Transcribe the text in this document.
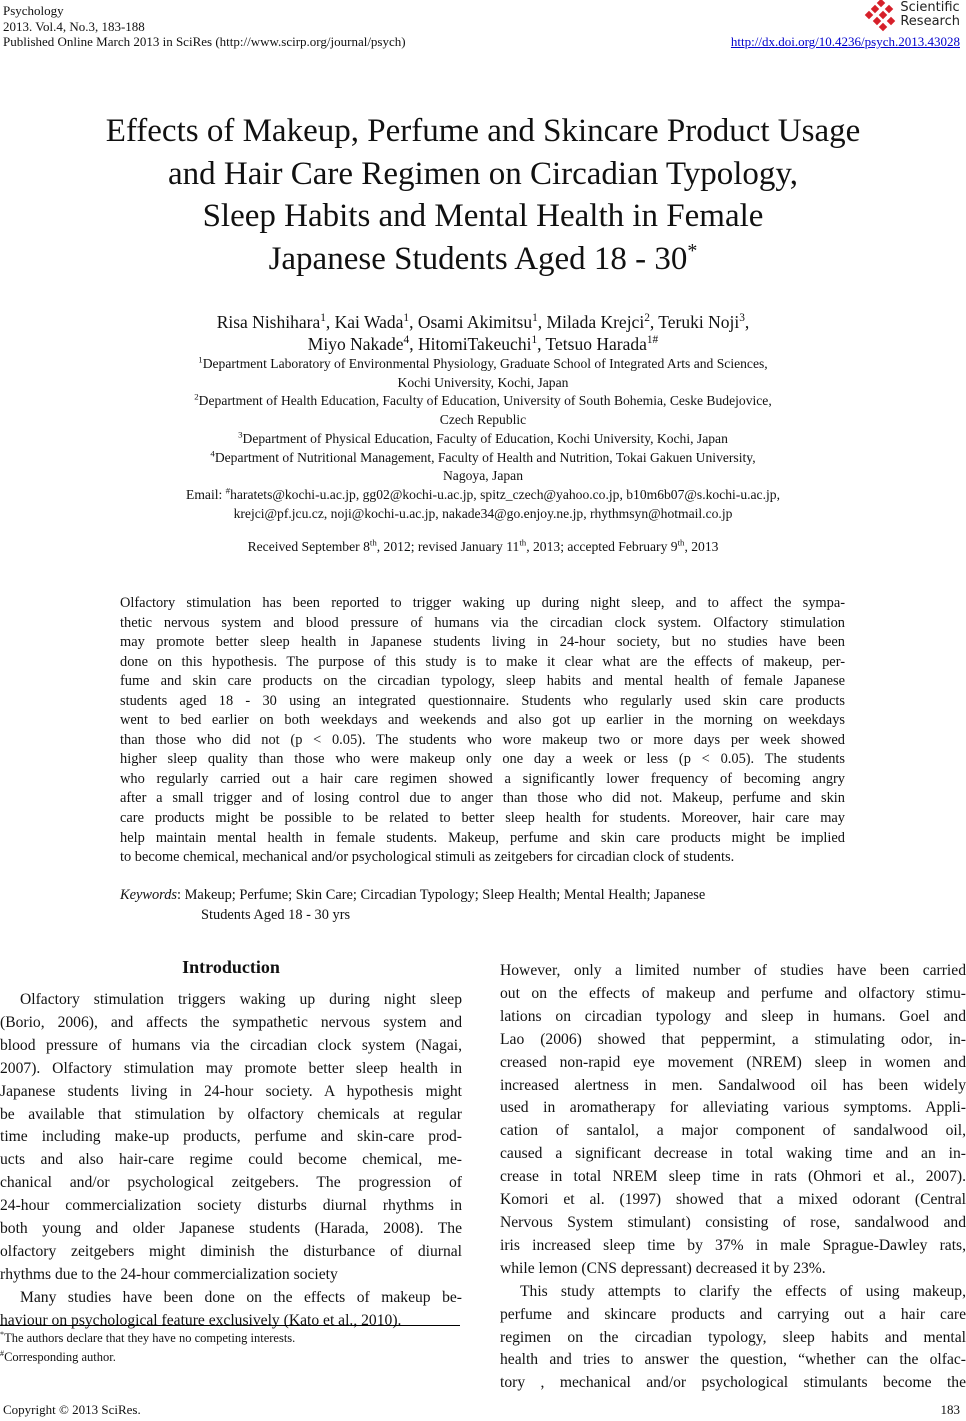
Psychology
2013. Vol.4, No.3, 183-188
Published Online March 2013 in SciRes (http://www.scirp.org/journal/psych)
Scientific
Research
http://dx.doi.org/10.4236/psych.2013.43028
Effects of Makeup, Perfume and Skincare Product Usage
and Hair Care Regimen on Circadian Typology,
Sleep Habits and Mental Health in Female
Japanese Students Aged 18 - 30*
Risa Nishihara$^1$, Kai Wada$^1$, Osami Akimitsu$^1$, Milada Krejci$^2$, Teruki Noji$^3$,
Miyo Nakade$^4$, HitomiTakeuchi$^1$, Tetsuo Harada$^{1\#}$
$^1$Department Laboratory of Environmental Physiology, Graduate School of Integrated Arts and Sciences,
Kochi University, Kochi, Japan
$^2$Department of Health Education, Faculty of Education, University of South Bohemia, Ceske Budejovice,
Czech Republic
$^3$Department of Physical Education, Faculty of Education, Kochi University, Kochi, Japan
$^4$Department of Nutritional Management, Faculty of Health and Nutrition, Tokai Gakuen University,
Nagoya, Japan
Email: #haratets@kochi-u.ac.jp, gg02@kochi-u.ac.jp, spitz_czech@yahoo.co.jp, b10m6b07@s.kochi-u.ac.jp,
krejci@pf.jcu.cz, noji@kochi-u.ac.jp, nakade34@go.enjoy.ne.jp, rhythmsyn@hotmail.co.jp
Received September 8th, 2012; revised January 11th, 2013; accepted February 9th, 2013
Olfactory stimulation has been reported to trigger waking up during night sleep, and to affect the sympa-
thetic nervous system and blood pressure of humans via the circadian clock system. Olfactory stimulation
may promote better sleep health in Japanese students living in 24-hour society, but no studies have been
done on this hypothesis. The purpose of this study is to make it clear what are the effects of makeup, per-
fume and skin care products on the circadian typology, sleep habits and mental health of female Japanese
students aged 18 - 30 using an integrated questionnaire. Students who regularly used skin care products
went to bed earlier on both weekdays and weekends and also got up earlier in the morning on weekdays
than those who did not (p < 0.05). The students who wore makeup two or more days per week showed
higher sleep quality than those who were makeup only one day a week or less (p < 0.05). The students
who regularly carried out a hair care regimen showed a significantly lower frequency of becoming angry
after a small trigger and of losing control due to anger than those who did not. Makeup, perfume and skin
care products might be possible to be related to better sleep health for students. Moreover, hair care may
help maintain mental health in female students. Makeup, perfume and skin care products might be implied
to become chemical, mechanical and/or psychological stimuli as zeitgebers for circadian clock of students.
Keywords: Makeup; Perfume; Skin Care; Circadian Typology; Sleep Health; Mental Health; Japanese
Students Aged 18 - 30 yrs
Introduction
Olfactory stimulation triggers waking up during night sleep
(Borio, 2006), and affects the sympathetic nervous system and
blood pressure of humans via the circadian clock system (Nagai,
2007). Olfactory stimulation may promote better sleep health in
Japanese students living in 24-hour society. A hypothesis might
be available that stimulation by olfactory chemicals at regular
time including make-up products, perfume and skin-care prod-
ucts and also hair-care regime could become chemical, me-
chanical and/or psychological zeitgebers. The progression of
24-hour commercialization society disturbs diurnal rhythms in
both young and older Japanese students (Harada, 2008). The
olfactory zeitgebers might diminish the disturbance of diurnal
rhythms due to the 24-hour commercialization society
Many studies have been done on the effects of makeup be-
haviour on psychological feature exclusively (Kato et al., 2010).
However, only a limited number of studies have been carried
out on the effects of makeup and perfume and olfactory stimu-
lations on circadian typology and sleep in humans. Goel and
Lao (2006) showed that peppermint, a stimulating odor, in-
creased non-rapid eye movement (NREM) sleep in women and
increased alertness in men. Sandalwood oil has been widely
used in aromatherapy for alleviating various symptoms. Appli-
cation of santalol, a major component of sandalwood oil,
caused a significant decrease in total waking time and an in-
crease in total NREM sleep time in rats (Ohmori et al., 2007).
Komori et al. (1997) showed that a mixed odorant (Central
Nervous System stimulant) consisting of rose, sandalwood and
iris increased sleep time by 37% in male Sprague-Dawley rats,
while lemon (CNS depressant) decreased it by 23%.
This study attempts to clarify the effects of using makeup,
perfume and skincare products and carrying out a hair care
regimen on the circadian typology, sleep habits and mental
health and tries to answer the question, “whether can the olfac-
tory , mechanical and/or psychological stimulants become the
*The authors declare that they have no competing interests.
#Corresponding author.
Copyright © 2013 SciRes.	183
